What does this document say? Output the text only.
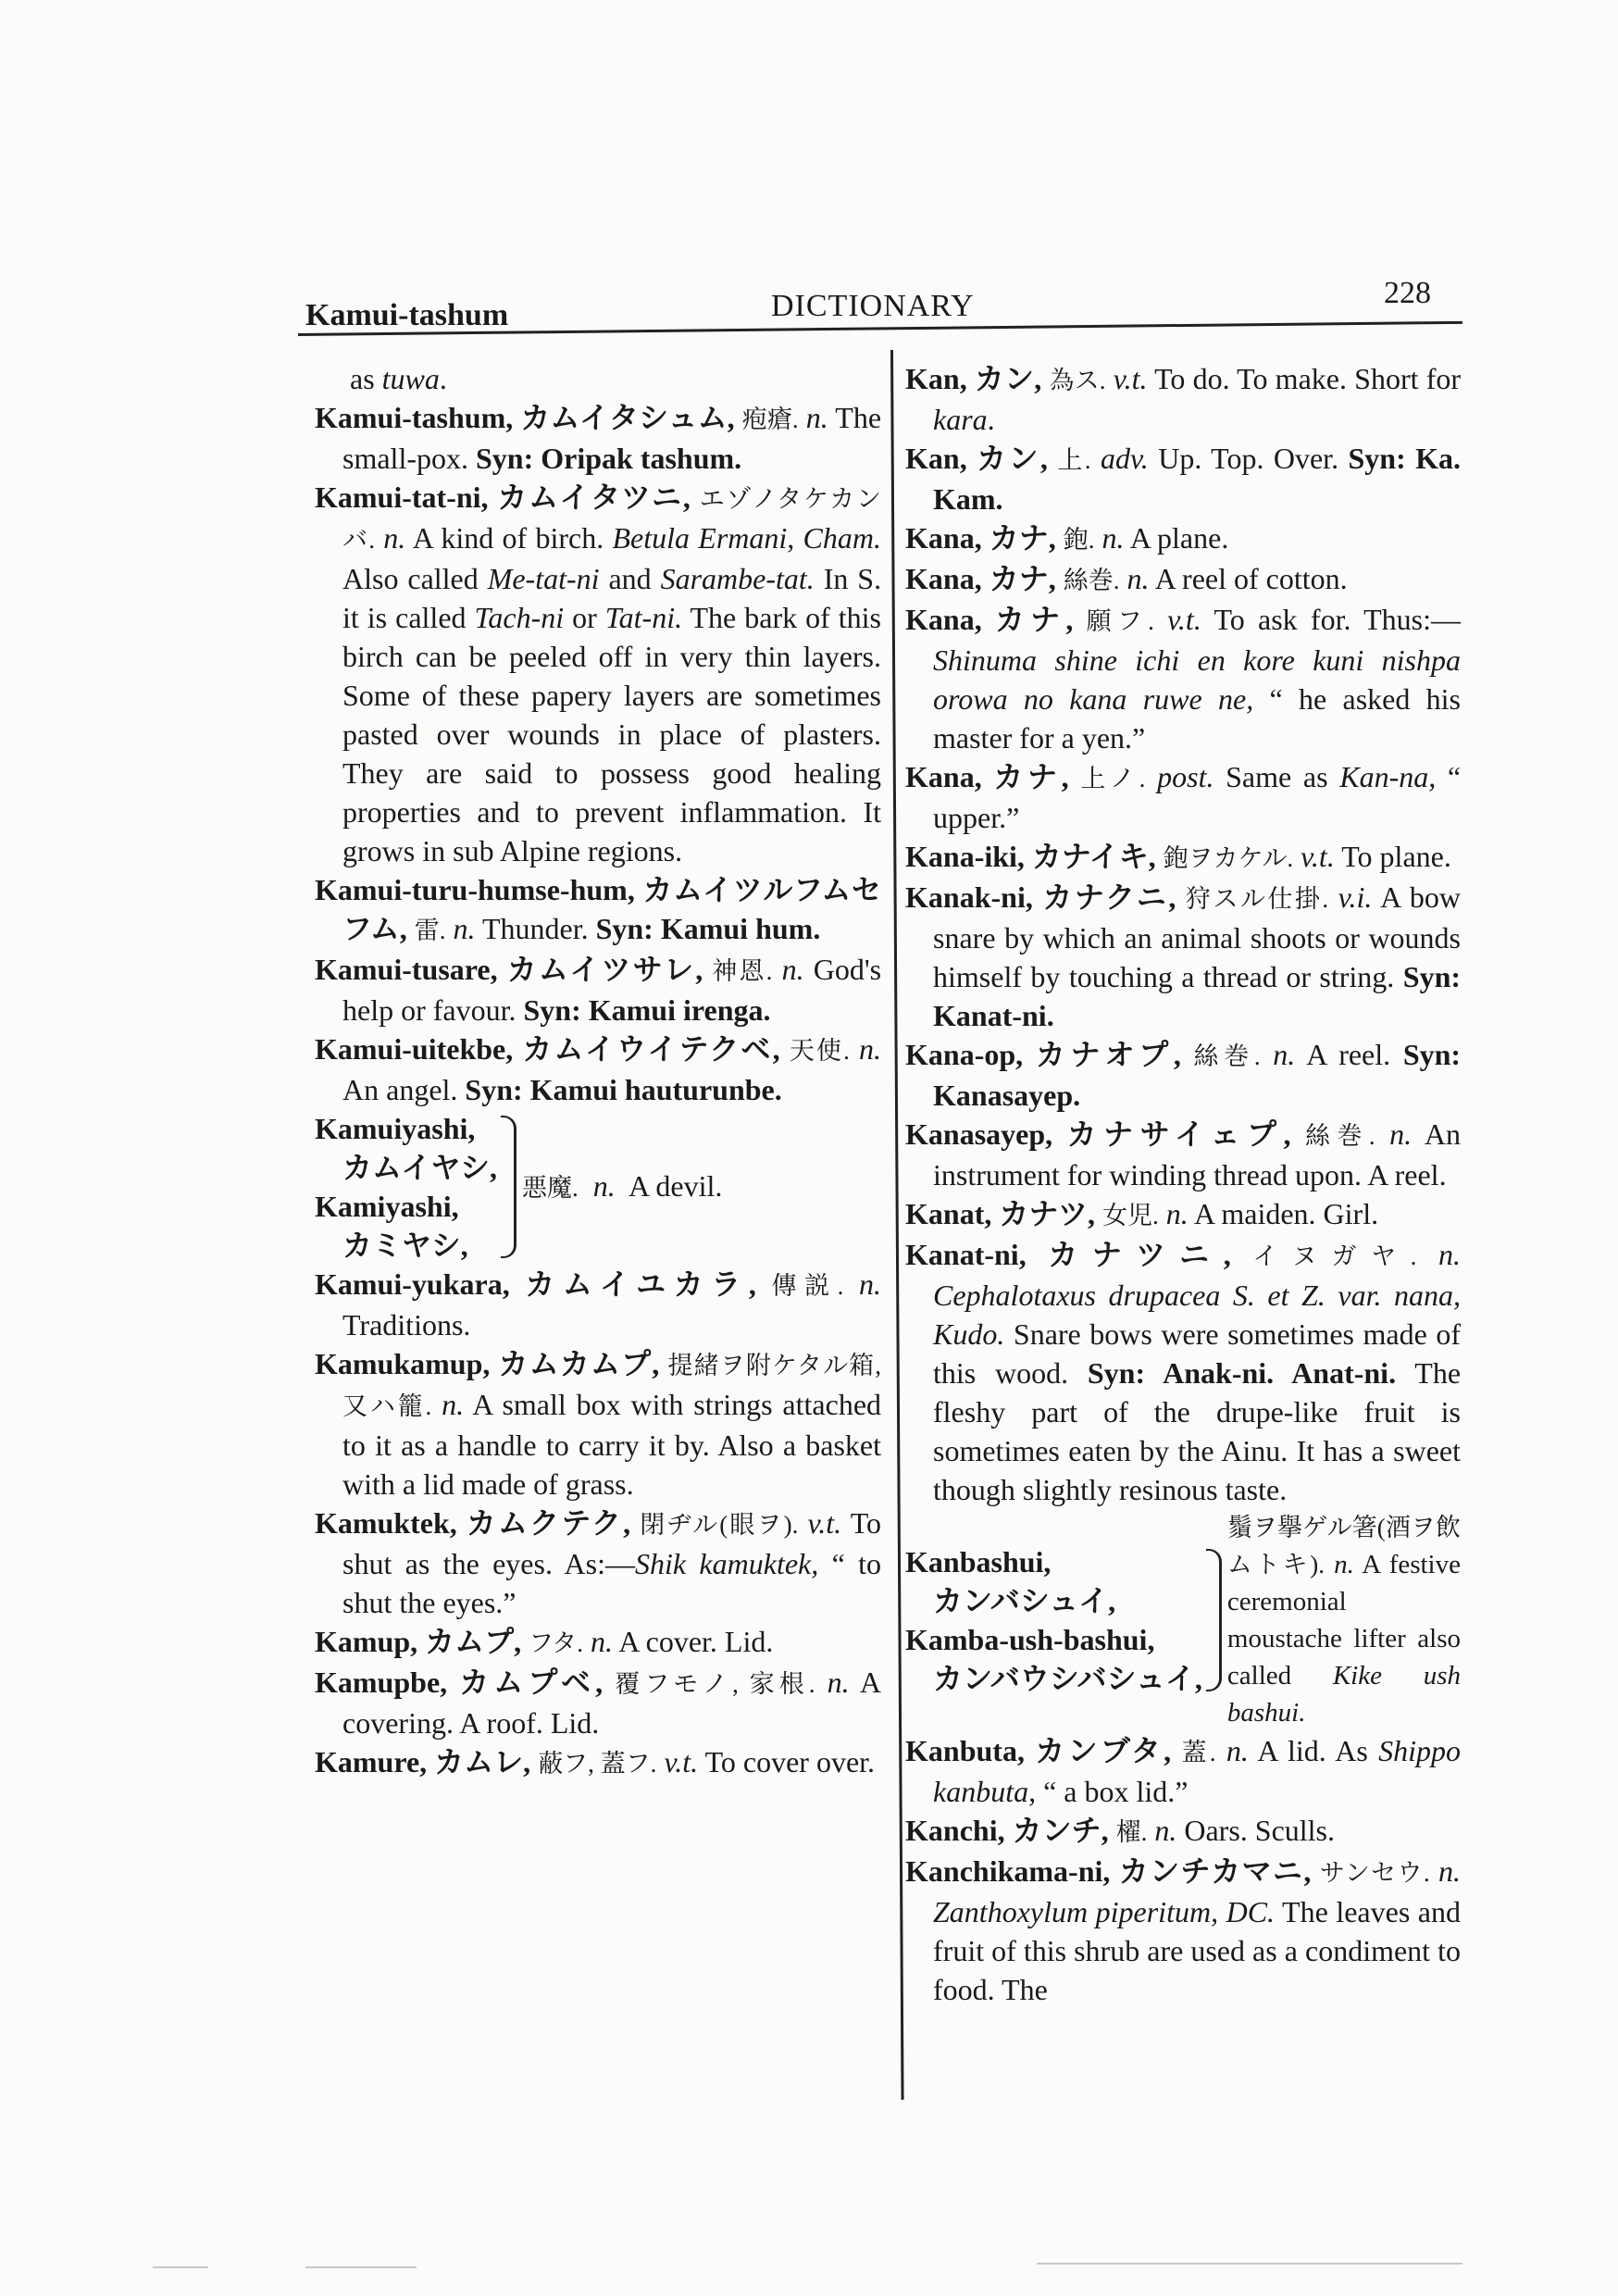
Kamui-tashum	DICTIONARY	228

as tuwa.

Kamui-tashum, カムイタシュム, 疱瘡. n. The small-pox. Syn: Oripak tashum.

Kamui-tat-ni, カムイタツニ, エゾノタケカンバ. n. A kind of birch. Betula Ermani, Cham. Also called Me-tat-ni and Sarambe-tat. In S. it is called Tach-ni or Tat-ni. The bark of this birch can be peeled off in very thin layers. Some of these papery layers are sometimes pasted over wounds in place of plasters. They are said to possess good healing properties and to prevent inflammation. It grows in sub Alpine regions.

Kamui-turu-humse-hum, カムイツルフムセフム, 雷. n. Thunder. Syn: Kamui hum.

Kamui-tusare, カムイツサレ, 神恩. n. God's help or favour. Syn: Kamui irenga.

Kamui-uitekbe, カムイウイテクベ, 天使. n. An angel. Syn: Kamui hauturunbe.

Kamuiyashi,
カムイヤシ,
Kamiyashi,
カミヤシ,
悪魔. n. A devil.

Kamui-yukara, カムイユカラ, 傳説. n. Traditions.

Kamukamup, カムカムプ, 提緒ヲ附ケタル箱, 又ハ籠. n. A small box with strings attached to it as a handle to carry it by. Also a basket with a lid made of grass.

Kamuktek, カムクテク, 閉ヂル(眼ヲ). v.t. To shut as the eyes. As:—Shik kamuktek, “ to shut the eyes.”

Kamup, カムプ, フタ. n. A cover. Lid.

Kamupbe, カムプベ, 覆フモノ, 家根. n. A covering. A roof. Lid.

Kamure, カムレ, 蔽フ, 蓋フ. v.t. To cover over.

Kan, カン, 為ス. v.t. To do. To make. Short for kara.

Kan, カン, 上. adv. Up. Top. Over. Syn: Ka. Kam.

Kana, カナ, 鉋. n. A plane.

Kana, カナ, 絲巻. n. A reel of cotton.

Kana, カナ, 願フ. v.t. To ask for. Thus:—Shinuma shine ichi en kore kuni nishpa orowa no kana ruwe ne, “ he asked his master for a yen.”

Kana, カナ, 上ノ. post. Same as Kan-na, “ upper.”

Kana-iki, カナイキ, 鉋ヲカケル. v.t. To plane.

Kanak-ni, カナクニ, 狩スル仕掛. v.i. A bow snare by which an animal shoots or wounds himself by touching a thread or string. Syn: Kanat-ni.

Kana-op, カナオプ, 絲巻. n. A reel. Syn: Kanasayep.

Kanasayep, カナサイェプ, 絲巻. n. An instrument for winding thread upon. A reel.

Kanat, カナツ, 女児. n. A maiden. Girl.

Kanat-ni, カナツニ, イヌガヤ. n. Cephalotaxus drupacea S. et Z. var. nana, Kudo. Snare bows were sometimes made of this wood. Syn: Anak-ni. Anat-ni. The fleshy part of the drupe-like fruit is sometimes eaten by the Ainu. It has a sweet though slightly resinous taste.

Kanbashui,
カンバシュイ,
Kamba-ush-bashui,
カンバウシバシュイ,
鬚ヲ擧ゲル箸(酒ヲ飲ムトキ). n. A festive ceremonial moustache lifter also called Kike ush bashui.

Kanbuta, カンブタ, 蓋. n. A lid. As Shippo kanbuta, “ a box lid.”

Kanchi, カンチ, 櫂. n. Oars. Sculls.

Kanchikama-ni, カンチカマニ, サンセウ. n. Zanthoxylum piperitum, DC. The leaves and fruit of this shrub are used as a condiment to food. The
